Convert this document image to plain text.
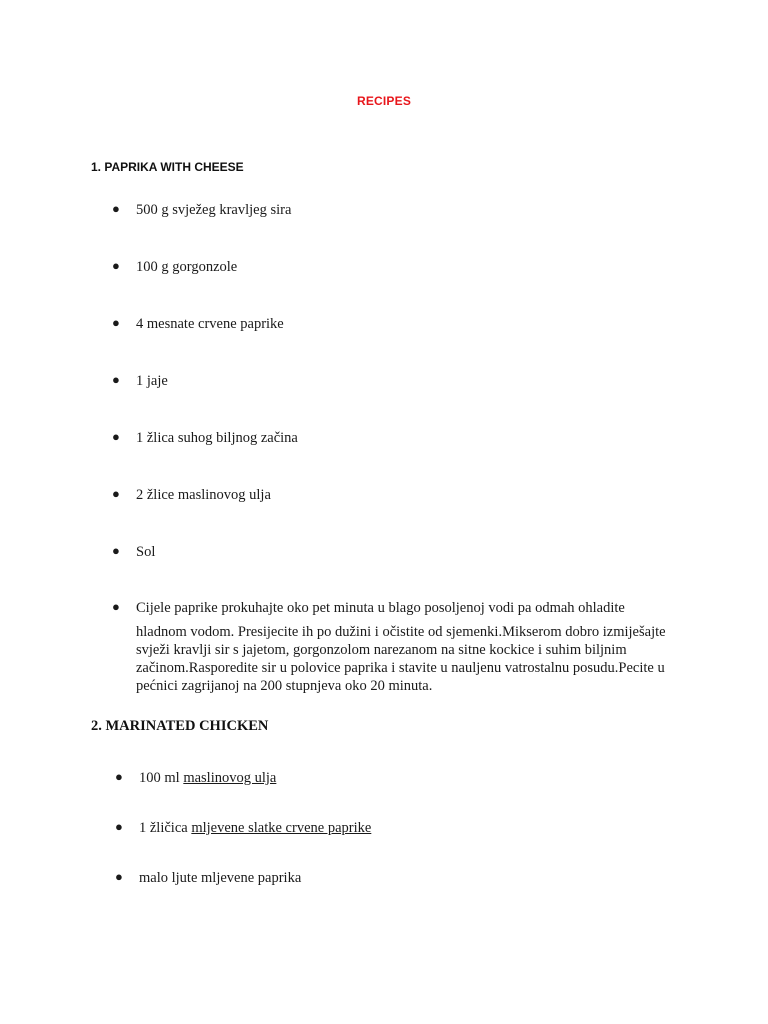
RECIPES
1. PAPRIKA WITH CHEESE
● 500 g svježeg kravljeg sira
● 100 g gorgonzole
● 4 mesnate crvene paprike
● 1 jaje
● 1 žlica suhog biljnog začina
● 2 žlice maslinovog ulja
● Sol
● Cijele paprike prokuhajte oko pet minuta u blago posoljenoj vodi pa odmah ohladite
hladnom vodom. Presijecite ih po dužini i očistite od sjemenki.Mikserom dobro izmiješajte svježi kravlji sir s jajetom, gorgonzolom narezanom na sitne kockice i suhim biljnim začinom.Rasporedite sir u polovice paprika i stavite u nauljenu vatrostalnu posudu.Pecite u pećnici zagrijanoj na 200 stupnjeva oko 20 minuta.
2. MARINATED CHICKEN
● 100 ml maslinovog ulja
● 1 žličica mljevene slatke crvene paprike
● malo ljute mljevene paprika
